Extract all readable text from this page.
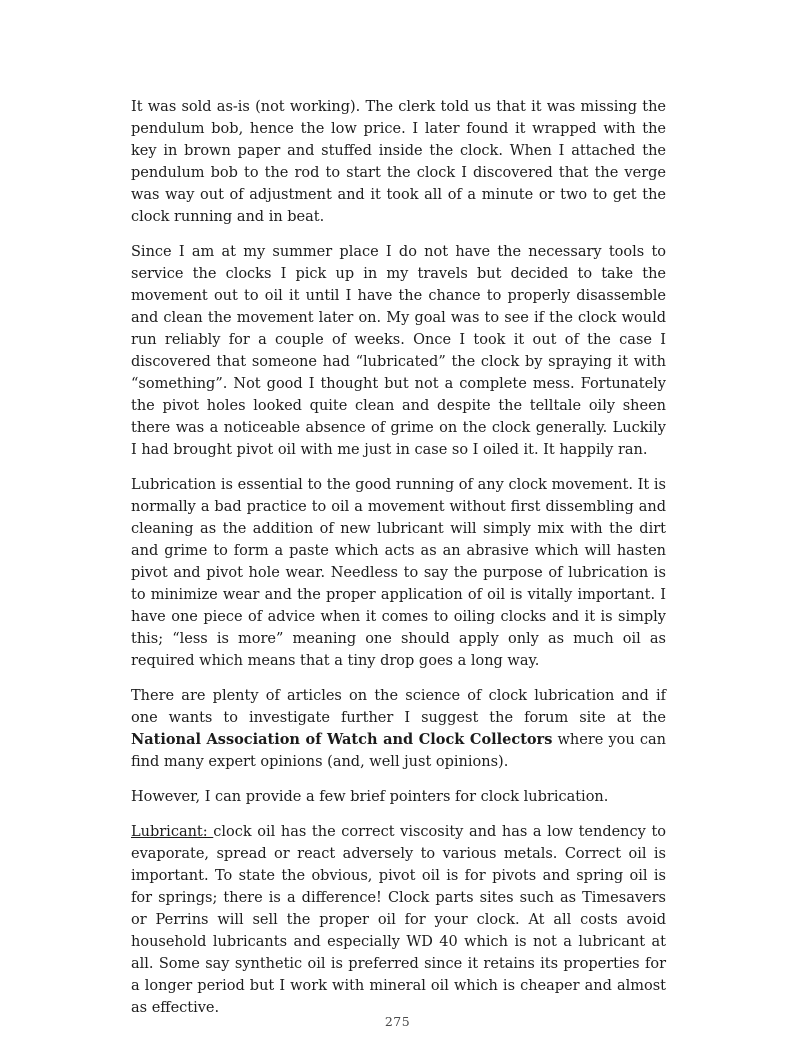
It was sold as-is (not working). The clerk told us that it was missing the pendulum bob, hence the low price. I later found it wrapped with the key in brown paper and stuffed inside the clock. When I attached the pendulum bob to the rod to start the clock I discovered that the verge was way out of adjustment and it took all of a minute or two to get the clock running and in beat.

Since I am at my summer place I do not have the necessary tools to service the clocks I pick up in my travels but decided to take the movement out to oil it until I have the chance to properly disassemble and clean the movement later on. My goal was to see if the clock would run reliably for a couple of weeks. Once I took it out of the case I discovered that someone had “lubricated” the clock by spraying it with “something”. Not good I thought but not a complete mess. Fortunately the pivot holes looked quite clean and despite the telltale oily sheen there was a noticeable absence of grime on the clock generally. Luckily I had brought pivot oil with me just in case so I oiled it. It happily ran.

Lubrication is essential to the good running of any clock movement. It is normally a bad practice to oil a movement without first dissembling and cleaning as the addition of new lubricant will simply mix with the dirt and grime to form a paste which acts as an abrasive which will hasten pivot and pivot hole wear. Needless to say the purpose of lubrication is to minimize wear and the proper application of oil is vitally important. I have one piece of advice when it comes to oiling clocks and it is simply this; “less is more” meaning one should apply only as much oil as required which means that a tiny drop goes a long way.

There are plenty of articles on the science of clock lubrication and if one wants to investigate further I suggest the forum site at the National Association of Watch and Clock Collectors where you can find many expert opinions (and, well just opinions).

However, I can provide a few brief pointers for clock lubrication.

Lubricant: clock oil has the correct viscosity and has a low tendency to evaporate, spread or react adversely to various metals. Correct oil is important. To state the obvious, pivot oil is for pivots and spring oil is for springs; there is a difference! Clock parts sites such as Timesavers or Perrins will sell the proper oil for your clock. At all costs avoid household lubricants and especially WD 40 which is not a lubricant at all. Some say synthetic oil is preferred since it retains its properties for a longer period but I work with mineral oil which is cheaper and almost as effective.

275
